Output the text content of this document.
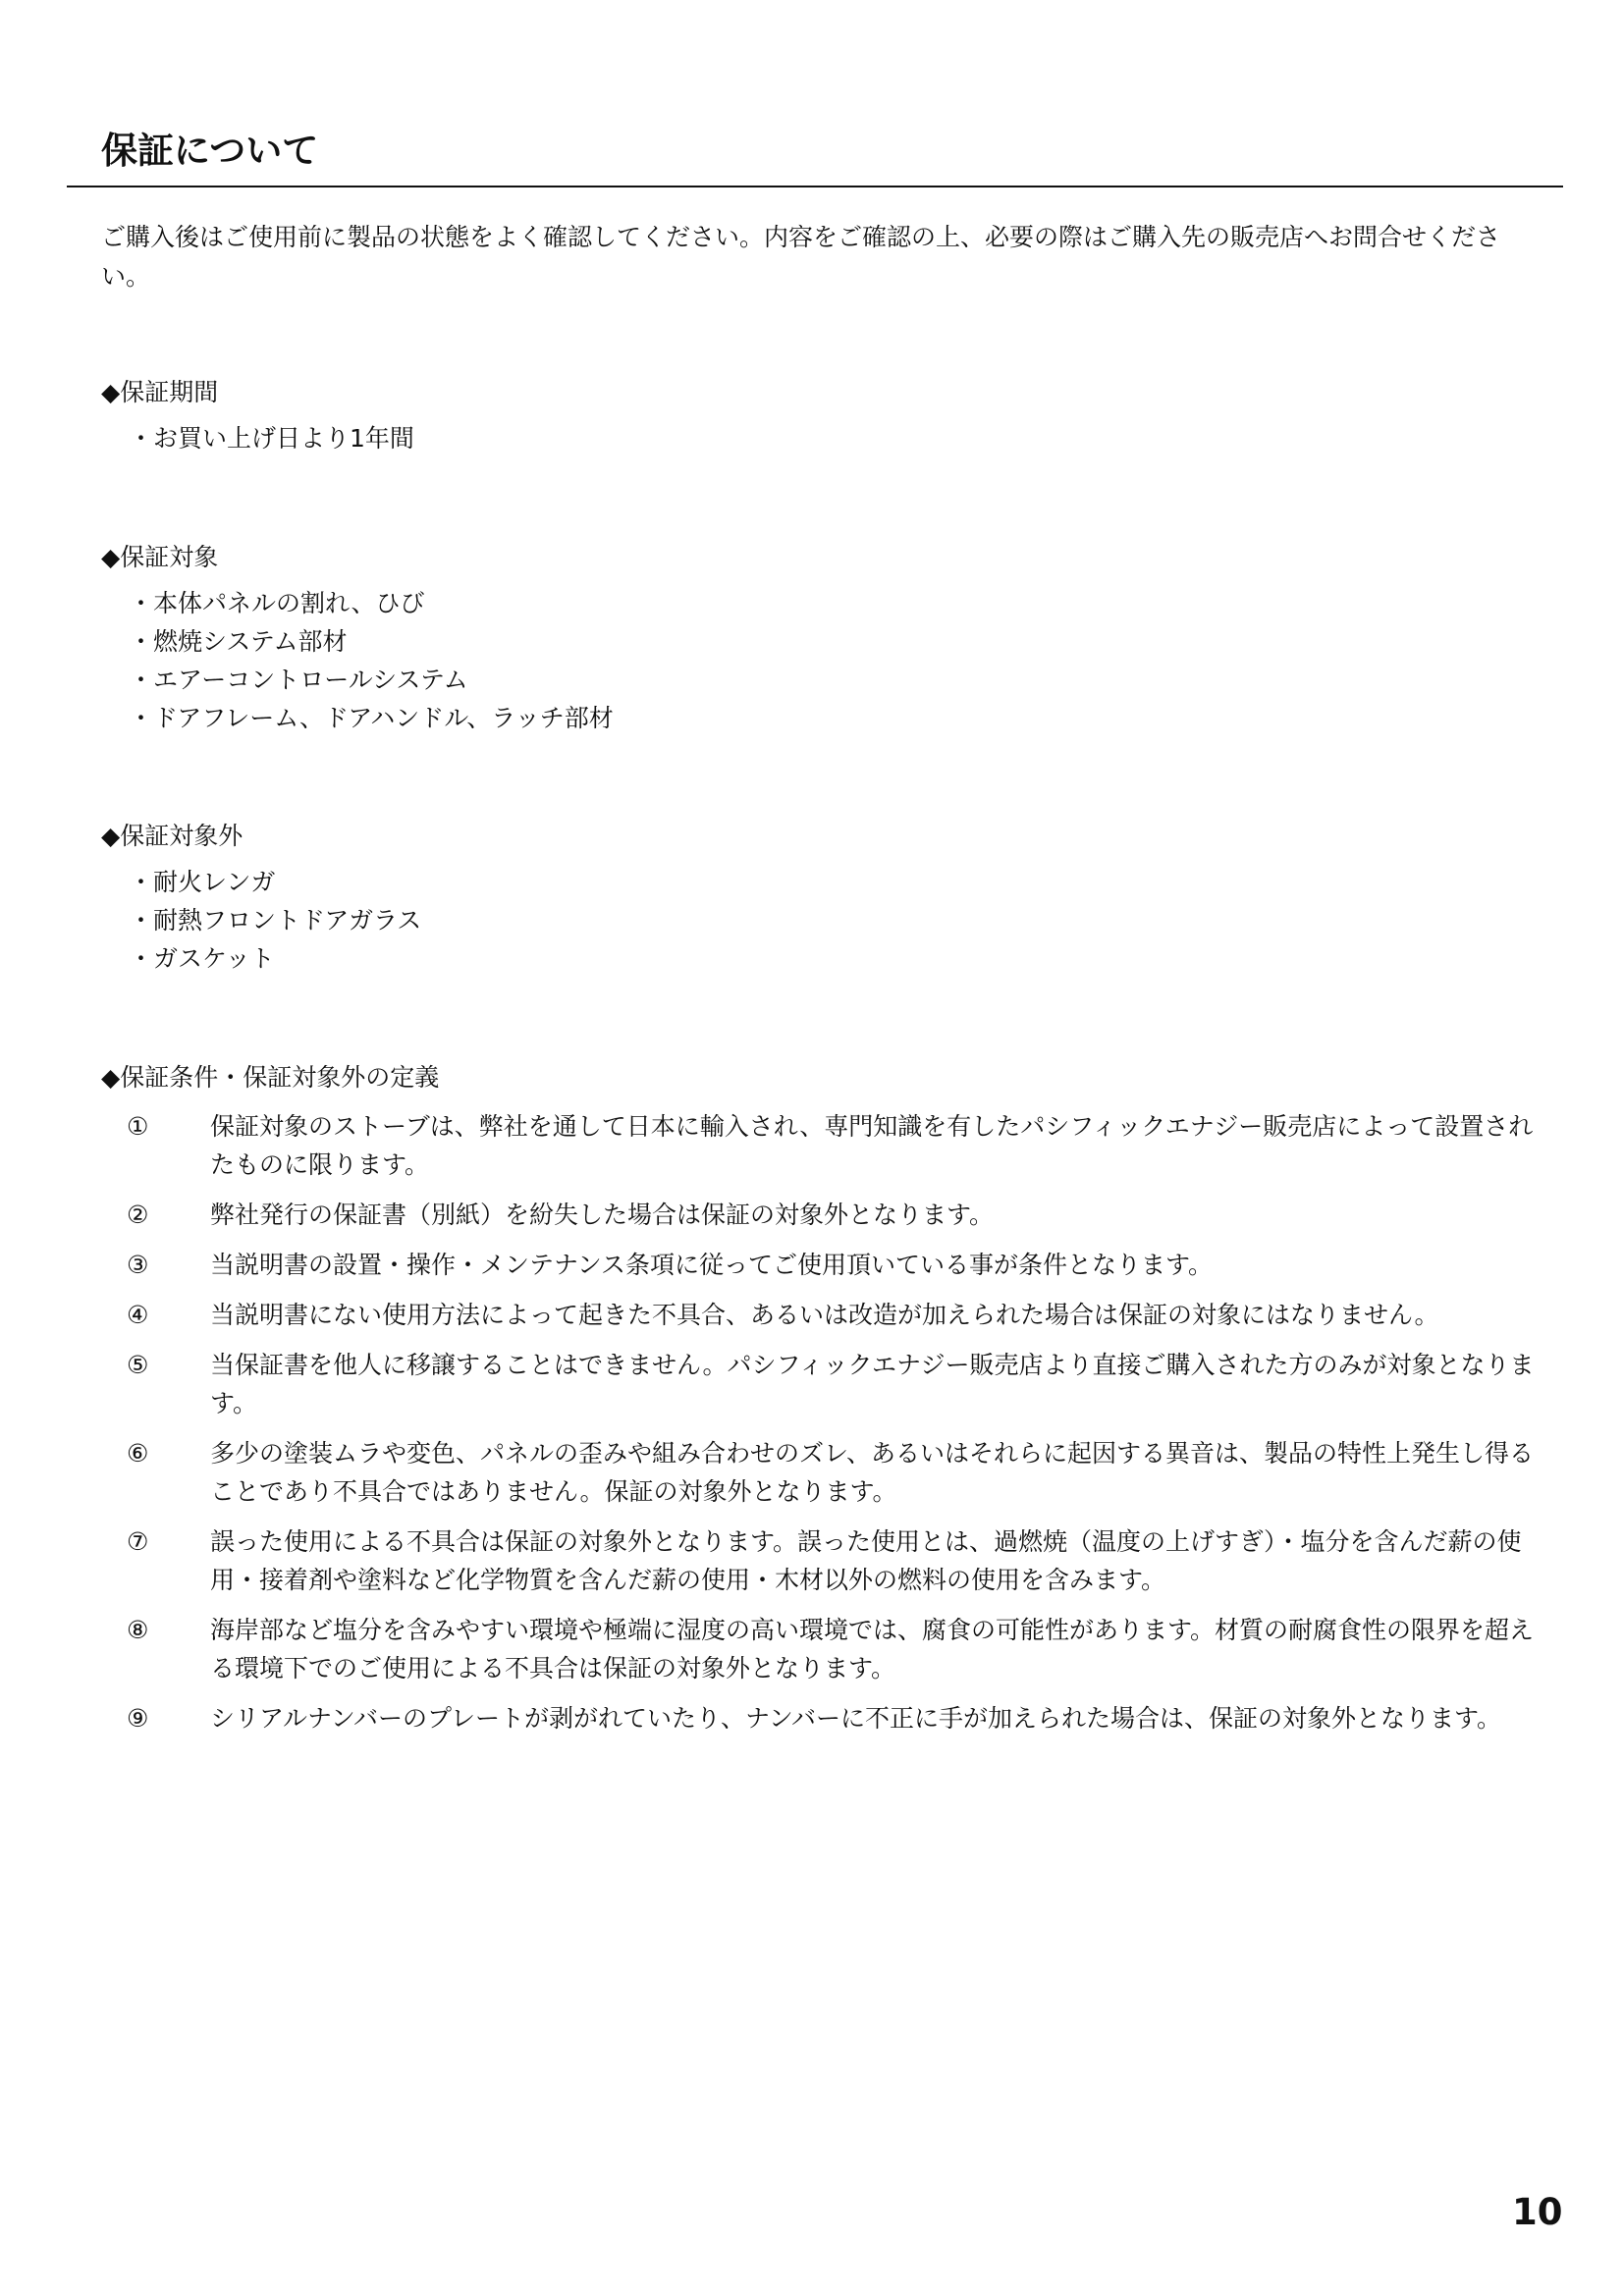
保証について

ご購入後はご使用前に製品の状態をよく確認してください。内容をご確認の上、必要の際はご購入先の販売店へお問合せください。

◆保証期間
・お買い上げ日より1年間
◆保証対象
・本体パネルの割れ、ひび
・燃焼システム部材
・エアーコントロールシステム
・ドアフレーム、ドアハンドル、ラッチ部材
◆保証対象外
・耐火レンガ
・耐熱フロントドアガラス
・ガスケット
◆保証条件・保証対象外の定義
①	保証対象のストーブは、弊社を通して日本に輸入され、専門知識を有したパシフィックエナジー販売店によって設置されたものに限ります。
②	弊社発行の保証書（別紙）を紛失した場合は保証の対象外となります。
③	当説明書の設置・操作・メンテナンス条項に従ってご使用頂いている事が条件となります。
④	当説明書にない使用方法によって起きた不具合、あるいは改造が加えられた場合は保証の対象にはなりません。
⑤	当保証書を他人に移譲することはできません。パシフィックエナジー販売店より直接ご購入された方のみが対象となります。
⑥	多少の塗装ムラや変色、パネルの歪みや組み合わせのズレ、あるいはそれらに起因する異音は、製品の特性上発生し得ることであり不具合ではありません。保証の対象外となります。
⑦	誤った使用による不具合は保証の対象外となります。誤った使用とは、過燃焼（温度の上げすぎ）・塩分を含んだ薪の使用・接着剤や塗料など化学物質を含んだ薪の使用・木材以外の燃料の使用を含みます。
⑧	海岸部など塩分を含みやすい環境や極端に湿度の高い環境では、腐食の可能性があります。材質の耐腐食性の限界を超える環境下でのご使用による不具合は保証の対象外となります。
⑨	シリアルナンバーのプレートが剥がれていたり、ナンバーに不正に手が加えられた場合は、保証の対象外となります。
10
